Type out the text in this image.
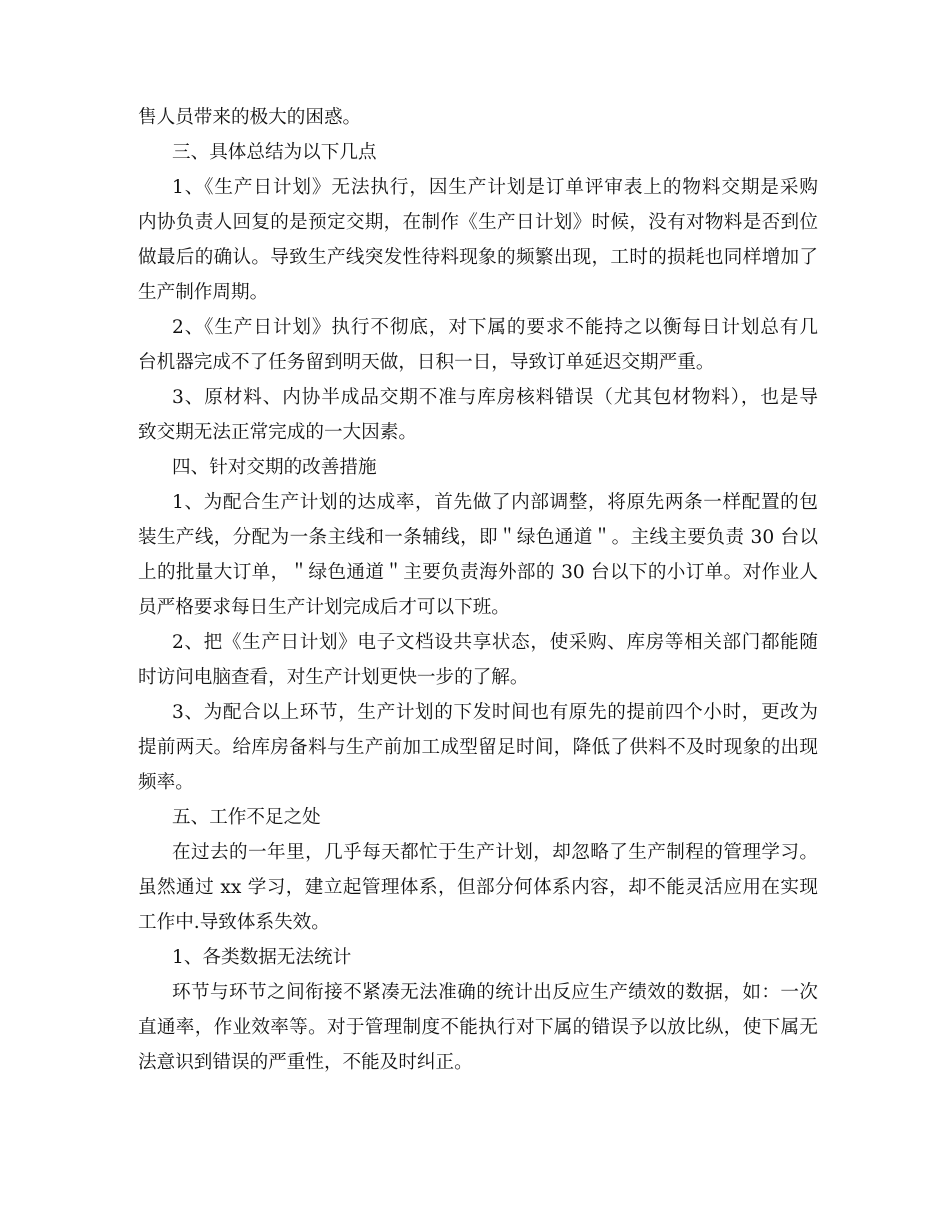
售人员带来的极大的困惑。
三、具体总结为以下几点
1、《生产日计划》无法执行，因生产计划是订单评审表上的物料交期是采购
内协负责人回复的是预定交期，在制作《生产日计划》时候，没有对物料是否到位
做最后的确认。导致生产线突发性待料现象的频繁出现，工时的损耗也同样增加了
生产制作周期。
2、《生产日计划》执行不彻底，对下属的要求不能持之以衡每日计划总有几
台机器完成不了任务留到明天做，日积一日，导致订单延迟交期严重。
3、原材料、内协半成品交期不准与库房核料错误（尤其包材物料），也是导
致交期无法正常完成的一大因素。
四、针对交期的改善措施
1、为配合生产计划的达成率，首先做了内部调整，将原先两条一样配置的包
装生产线，分配为一条主线和一条辅线，即＂绿色通道＂。主线主要负责 30 台以
上的批量大订单，＂绿色通道＂主要负责海外部的 30 台以下的小订单。对作业人
员严格要求每日生产计划完成后才可以下班。
2、把《生产日计划》电子文档设共享状态，使采购、库房等相关部门都能随
时访问电脑查看，对生产计划更快一步的了解。
3、为配合以上环节，生产计划的下发时间也有原先的提前四个小时，更改为
提前两天。给库房备料与生产前加工成型留足时间，降低了供料不及时现象的出现
频率。
五、工作不足之处
在过去的一年里，几乎每天都忙于生产计划，却忽略了生产制程的管理学习。
虽然通过 xx 学习，建立起管理体系，但部分何体系内容，却不能灵活应用在实现
工作中.导致体系失效。
1、各类数据无法统计
环节与环节之间衔接不紧凑无法准确的统计出反应生产绩效的数据，如：一次
直通率，作业效率等。对于管理制度不能执行对下属的错误予以放比纵，使下属无
法意识到错误的严重性，不能及时纠正。
